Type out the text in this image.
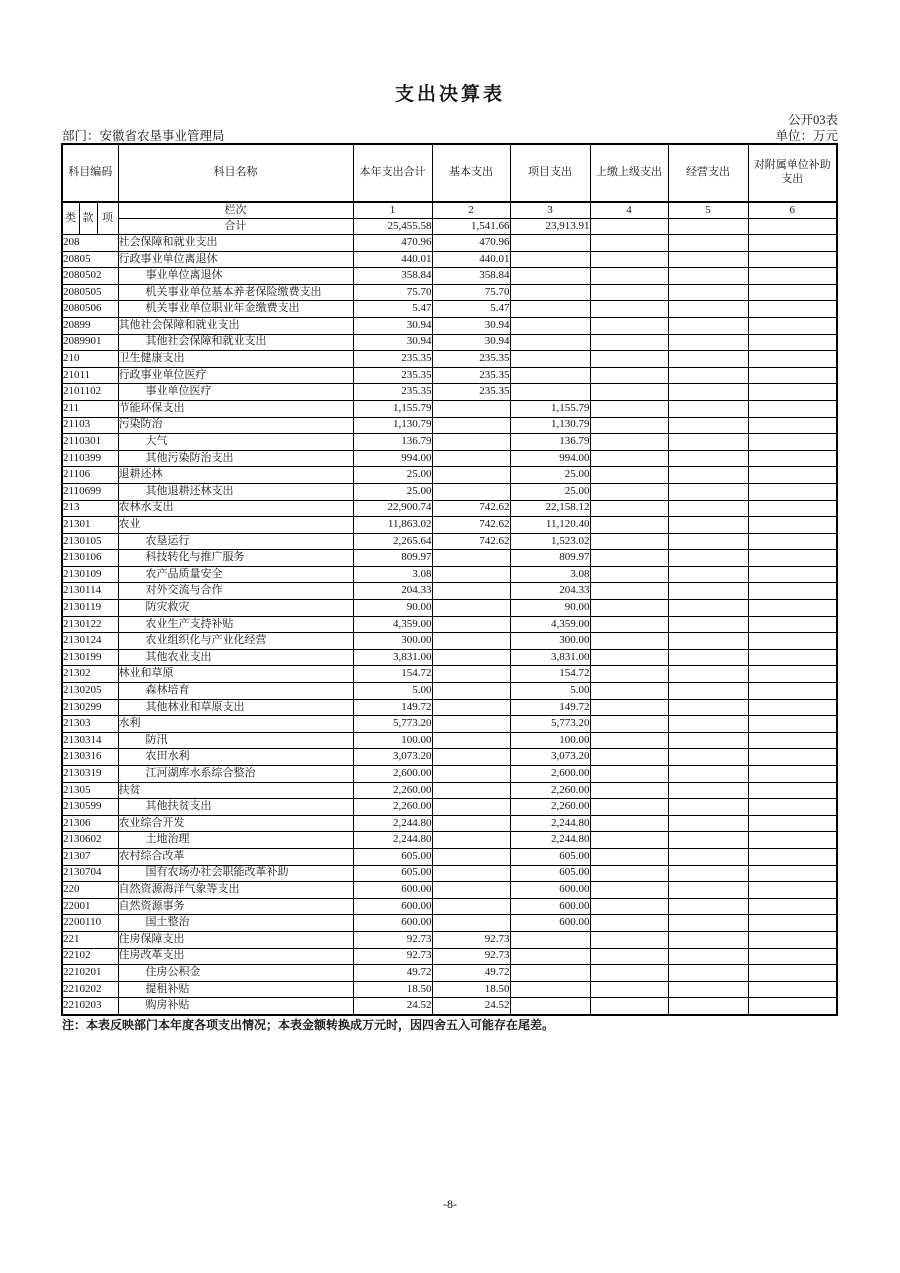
支出决算表
公开03表
部门：安徽省农垦事业管理局	单位：万元
科目编码			科目名称	本年支出合计	基本支出	项目支出	上缴上级支出	经营支出	对附属单位补助支出
类	款	项	栏次	1	2	3	4	5	6
			合计	25,455.58	1,541.66	23,913.91			
208			社会保障和就业支出	470.96	470.96				
20805			行政事业单位离退休	440.01	440.01				
2080502			事业单位离退休	358.84	358.84				
2080505			机关事业单位基本养老保险缴费支出	75.70	75.70				
2080506			机关事业单位职业年金缴费支出	5.47	5.47				
20899			其他社会保障和就业支出	30.94	30.94				
2089901			其他社会保障和就业支出	30.94	30.94				
210			卫生健康支出	235.35	235.35				
21011			行政事业单位医疗	235.35	235.35				
2101102			事业单位医疗	235.35	235.35				
211			节能环保支出	1,155.79		1,155.79			
21103			污染防治	1,130.79		1,130.79			
2110301			大气	136.79		136.79			
2110399			其他污染防治支出	994.00		994.00			
21106			退耕还林	25.00		25.00			
2110699			其他退耕还林支出	25.00		25.00			
213			农林水支出	22,900.74	742.62	22,158.12			
21301			农业	11,863.02	742.62	11,120.40			
2130105			农垦运行	2,265.64	742.62	1,523.02			
2130106			科技转化与推广服务	809.97		809.97			
2130109			农产品质量安全	3.08		3.08			
2130114			对外交流与合作	204.33		204.33			
2130119			防灾救灾	90.00		90.00			
2130122			农业生产支持补贴	4,359.00		4,359.00			
2130124			农业组织化与产业化经营	300.00		300.00			
2130199			其他农业支出	3,831.00		3,831.00			
21302			林业和草原	154.72		154.72			
2130205			森林培育	5.00		5.00			
2130299			其他林业和草原支出	149.72		149.72			
21303			水利	5,773.20		5,773.20			
2130314			防汛	100.00		100.00			
2130316			农田水利	3,073.20		3,073.20			
2130319			江河湖库水系综合整治	2,600.00		2,600.00			
21305			扶贫	2,260.00		2,260.00			
2130599			其他扶贫支出	2,260.00		2,260.00			
21306			农业综合开发	2,244.80		2,244.80			
2130602			土地治理	2,244.80		2,244.80			
21307			农村综合改革	605.00		605.00			
2130704			国有农场办社会职能改革补助	605.00		605.00			
220			自然资源海洋气象等支出	600.00		600.00			
22001			自然资源事务	600.00		600.00			
2200110			国土整治	600.00		600.00			
221			住房保障支出	92.73	92.73				
22102			住房改革支出	92.73	92.73				
2210201			住房公积金	49.72	49.72				
2210202			提租补贴	18.50	18.50				
2210203			购房补贴	24.52	24.52				
注：本表反映部门本年度各项支出情况；本表金额转换成万元时，因四舍五入可能存在尾差。
-8-
